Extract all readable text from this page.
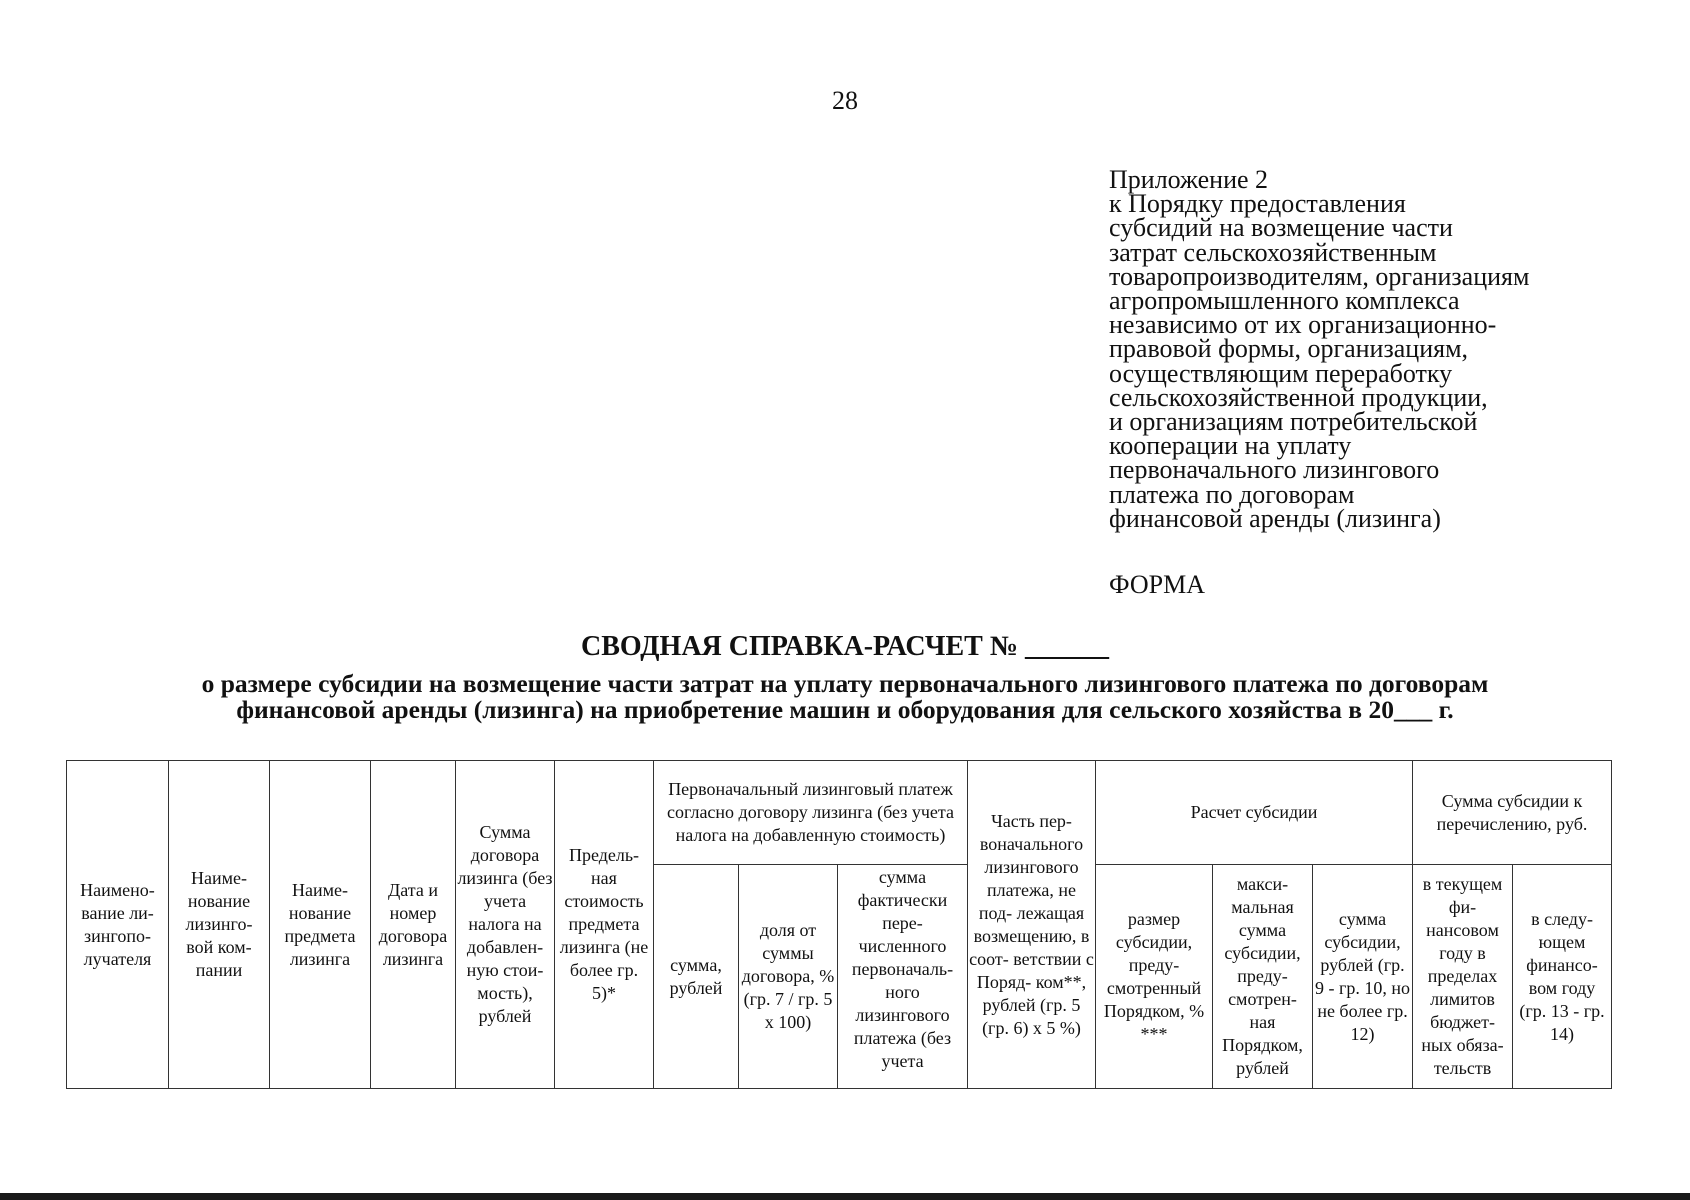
28
Приложение 2
к Порядку предоставления
субсидий на возмещение части
затрат сельскохозяйственным
товаропроизводителям, организациям
агропромышленного комплекса
независимо от их организационно-
правовой формы, организациям,
осуществляющим переработку
сельскохозяйственной продукции,
и организациям потребительской
кооперации на уплату
первоначального лизингового
платежа по договорам
финансовой аренды (лизинга)
ФОРМА
СВОДНАЯ СПРАВКА-РАСЧЕТ № ______
о размере субсидии на возмещение части затрат на уплату первоначального лизингового платежа по договорам
финансовой аренды (лизинга) на приобретение машин и оборудования для сельского хозяйства в 20___ г.
Наимено- вание ли- зингопо- лучателя	Наиме- нование лизинго- вой ком- пании	Наиме- нование предмета лизинга	Дата и номер договора лизинга	Сумма договора лизинга (без учета налога на добавлен- ную стои- мость), рублей	Предель- ная стоимость предмета лизинга (не более гр. 5)*	Первоначальный лизинговый платеж согласно договору лизинга (без учета налога на добавленную стоимость)			Часть пер- воначального лизингового платежа, не под- лежащая возмещению, в соот- ветствии с Поряд- ком**, рублей (гр. 5 (гр. 6) х 5 %)	Расчет субсидии			Сумма субсидии к перечислению, руб.	
						сумма, рублей	доля от суммы договора, % (гр. 7 / гр. 5 х 100)	сумма фактически пере- численного первоначаль- ного лизингового платежа (без учета		размер субсидии, преду- смотренный Порядком, % ***	макси- мальная сумма субсидии, преду- смотрен- ная Порядком, рублей	сумма субсидии, рублей (гр. 9 - гр. 10, но не более гр. 12)	в текущем фи- нансовом году в пределах лимитов бюджет- ных обяза- тельств	в следу- ющем финансо- вом году (гр. 13 - гр. 14)
